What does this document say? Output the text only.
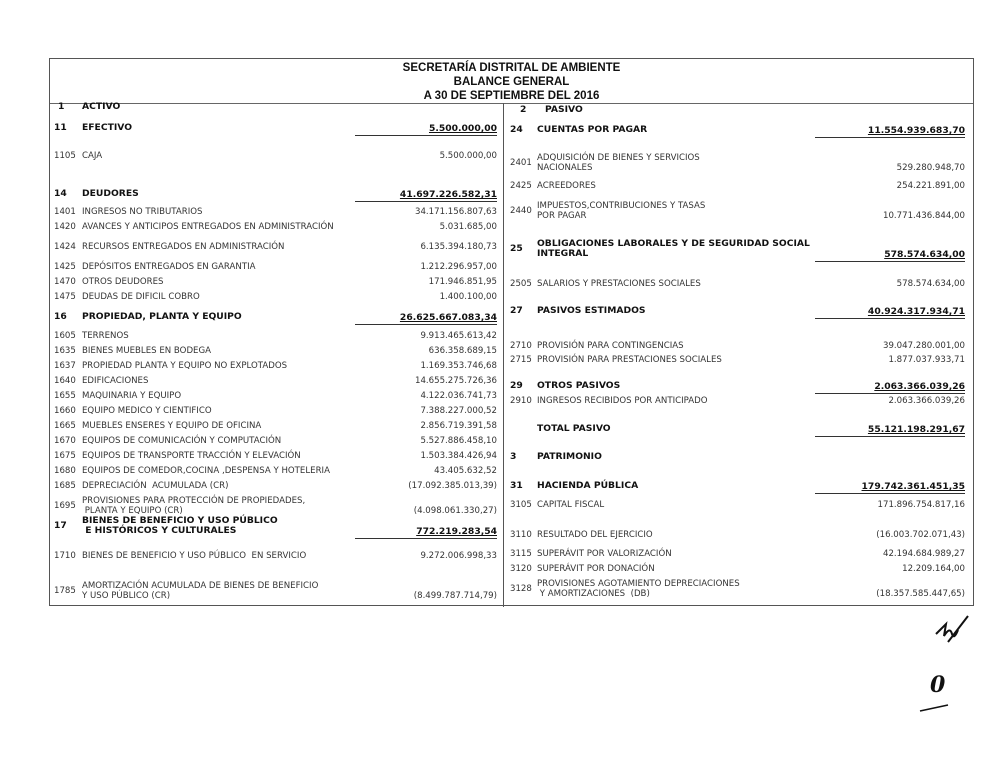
SECRETARÍA DISTRITAL DE AMBIENTE
BALANCE GENERAL
A 30 DE SEPTIEMBRE DEL 2016
1	ACTIVO	2	PASIVO
11	EFECTIVO	5.500.000,00
1105 CAJA	5.500.000,00
14	DEUDORES	41.697.226.582,31
1401 INGRESOS NO TRIBUTARIOS	34.171.156.807,63
1420 AVANCES Y ANTICIPOS ENTREGADOS EN ADMINISTRACIÓN	5.031.685,00
1424 RECURSOS ENTREGADOS EN ADMINISTRACIÓN	6.135.394.180,73
1425 DEPÓSITOS ENTREGADOS EN GARANTIA	1.212.296.957,00
1470 OTROS DEUDORES	171.946.851,95
1475 DEUDAS DE DIFICIL COBRO	1.400.100,00
16	PROPIEDAD, PLANTA Y EQUIPO	26.625.667.083,34
1605 TERRENOS	9.913.465.613,42
1635 BIENES MUEBLES EN BODEGA	636.358.689,15
1637 PROPIEDAD PLANTA Y EQUIPO NO EXPLOTADOS	1.169.353.746,68
1640 EDIFICACIONES	14.655.275.726,36
1655 MAQUINARIA Y EQUIPO	4.122.036.741,73
1660 EQUIPO MEDICO Y CIENTIFICO	7.388.227.000,52
1665 MUEBLES ENSERES Y EQUIPO DE OFICINA	2.856.719.391,58
1670 EQUIPOS DE COMUNICACIÓN Y COMPUTACIÓN	5.527.886.458,10
1675 EQUIPOS DE TRANSPORTE TRACCIÓN Y ELEVACIÓN	1.503.384.426,94
1680 EQUIPOS DE COMEDOR,COCINA ,DESPENSA Y HOTELERIA	43.405.632,52
1685 DEPRECIACIÓN  ACUMULADA (CR)	(17.092.385.013,39)
1695 PROVISIONES PARA PROTECCIÓN DE PROPIEDADES,
PLANTA Y EQUIPO (CR)	(4.098.061.330,27)
17	BIENES DE BENEFICIO Y USO PÚBLICO
E HISTÓRICOS Y CULTURALES	772.219.283,54
1710 BIENES DE BENEFICIO Y USO PÚBLICO  EN SERVICIO	9.272.006.998,33
1785 AMORTIZACIÓN ACUMULADA DE BIENES DE BENEFICIO
Y USO PÚBLICO (CR)	(8.499.787.714,79)
24	CUENTAS POR PAGAR	11.554.939.683,70
2401 ADQUISICIÓN DE BIENES Y SERVICIOS
NACIONALES	529.280.948,70
2425 ACREEDORES	254.221.891,00
2440 IMPUESTOS,CONTRIBUCIONES Y TASAS
POR PAGAR	10.771.436.844,00
25	OBLIGACIONES LABORALES Y DE SEGURIDAD SOCIAL
INTEGRAL	578.574.634,00
2505 SALARIOS Y PRESTACIONES SOCIALES	578.574.634,00
27	PASIVOS ESTIMADOS	40.924.317.934,71
2710 PROVISIÓN PARA CONTINGENCIAS	39.047.280.001,00
2715 PROVISIÓN PARA PRESTACIONES SOCIALES	1.877.037.933,71
29	OTROS PASIVOS	2.063.366.039,26
2910 INGRESOS RECIBIDOS POR ANTICIPADO	2.063.366.039,26
TOTAL PASIVO	55.121.198.291,67
3	PATRIMONIO
31	HACIENDA PÚBLICA	179.742.361.451,35
3105 CAPITAL FISCAL	171.896.754.817,16
3110 RESULTADO DEL EJERCICIO	(16.003.702.071,43)
3115 SUPERÁVIT POR VALORIZACIÓN	42.194.684.989,27
3120 SUPERÁVIT POR DONACIÓN	12.209.164,00
3128 PROVISIONES AGOTAMIENTO DEPRECIACIONES
Y AMORTIZACIONES  (DB)	(18.357.585.447,65)
0
